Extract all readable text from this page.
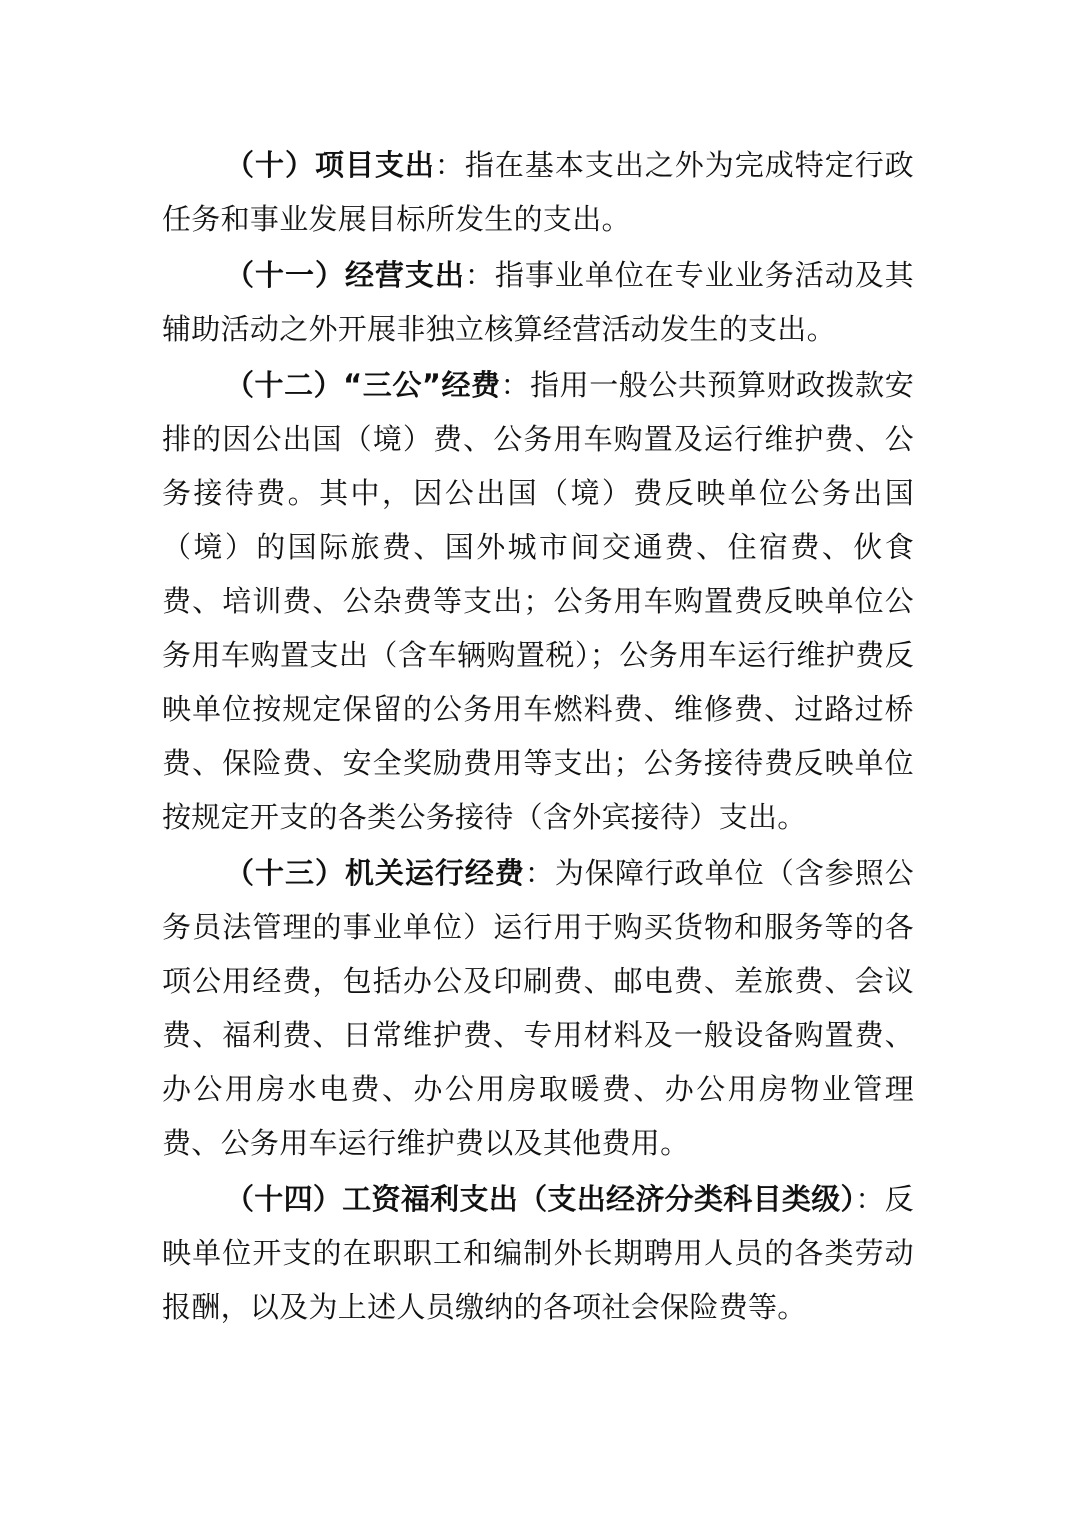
（十）项目支出：指在基本支出之外为完成特定行政任务和事业发展目标所发生的支出。

（十一）经营支出：指事业单位在专业业务活动及其辅助活动之外开展非独立核算经营活动发生的支出。

（十二）“三公”经费：指用一般公共预算财政拨款安排的因公出国（境）费、公务用车购置及运行维护费、公务接待费。其中，因公出国（境）费反映单位公务出国（境）的国际旅费、国外城市间交通费、住宿费、伙食费、培训费、公杂费等支出；公务用车购置费反映单位公务用车购置支出（含车辆购置税）；公务用车运行维护费反映单位按规定保留的公务用车燃料费、维修费、过路过桥费、保险费、安全奖励费用等支出；公务接待费反映单位按规定开支的各类公务接待（含外宾接待）支出。

（十三）机关运行经费：为保障行政单位（含参照公务员法管理的事业单位）运行用于购买货物和服务等的各项公用经费，包括办公及印刷费、邮电费、差旅费、会议费、福利费、日常维护费、专用材料及一般设备购置费、办公用房水电费、办公用房取暖费、办公用房物业管理费、公务用车运行维护费以及其他费用。

（十四）工资福利支出（支出经济分类科目类级）：反映单位开支的在职职工和编制外长期聘用人员的各类劳动报酬，以及为上述人员缴纳的各项社会保险费等。
